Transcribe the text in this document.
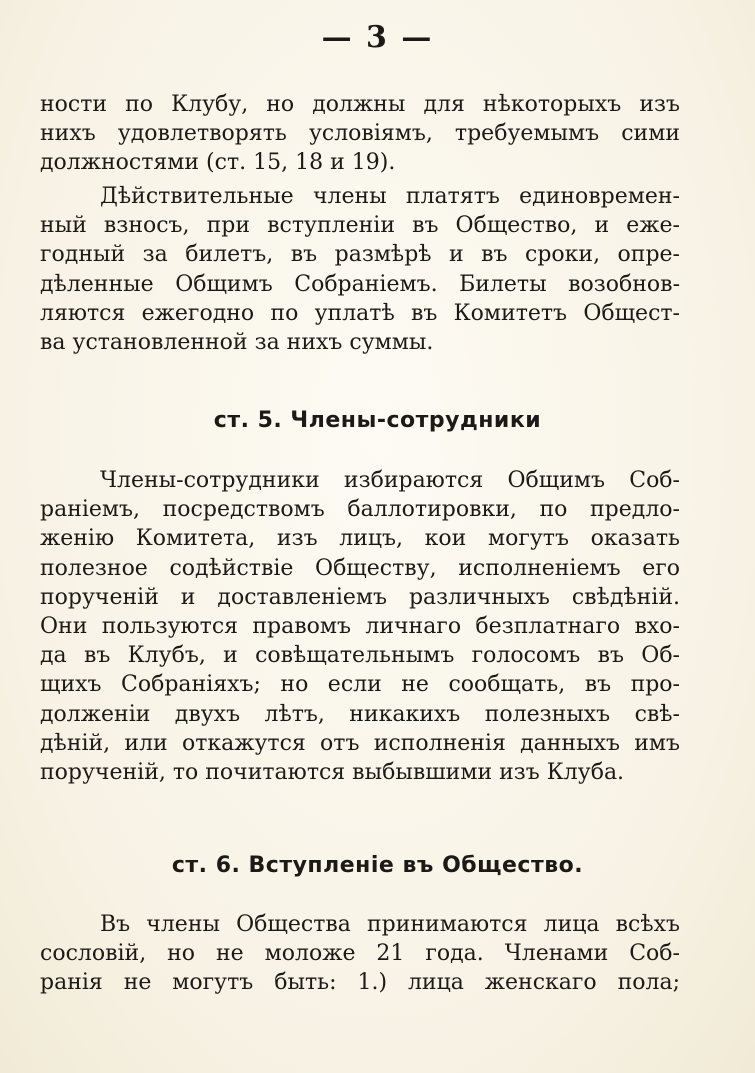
— 3 —
ности по Клубу, но должны для нѣкоторыхъ изъ
нихъ удовлетворять условіямъ, требуемымъ сими
должностями (ст. 15, 18 и 19).
Дѣйствительные члены платятъ единовремен-
ный взносъ, при вступленіи въ Общество, и еже-
годный за билетъ, въ размѣрѣ и въ сроки, опре-
дѣленные Общимъ Собраніемъ. Билеты возобнов-
ляются ежегодно по уплатѣ въ Комитетъ Общест-
ва установленной за нихъ суммы.
ст. 5. Члены-сотрудники
Члены-сотрудники избираются Общимъ Соб-
раніемъ, посредствомъ баллотировки, по предло-
женію Комитета, изъ лицъ, кои могутъ оказать
полезное содѣйствіе Обществу, исполненіемъ его
порученій и доставленіемъ различныхъ свѣдѣній.
Они пользуются правомъ личнаго безплатнаго вхо-
да въ Клубъ, и совѣщательнымъ голосомъ въ Об-
щихъ Собраніяхъ; но если не сообщать, въ про-
долженіи двухъ лѣтъ, никакихъ полезныхъ свѣ-
дѣній, или откажутся отъ исполненія данныхъ имъ
порученій, то почитаются выбывшими изъ Клуба.
ст. 6. Вступленіе въ Общество.
Въ члены Общества принимаются лица всѣхъ
сословій, но не моложе 21 года. Членами Соб-
ранія не могутъ быть: 1.) лица женскаго пола;
